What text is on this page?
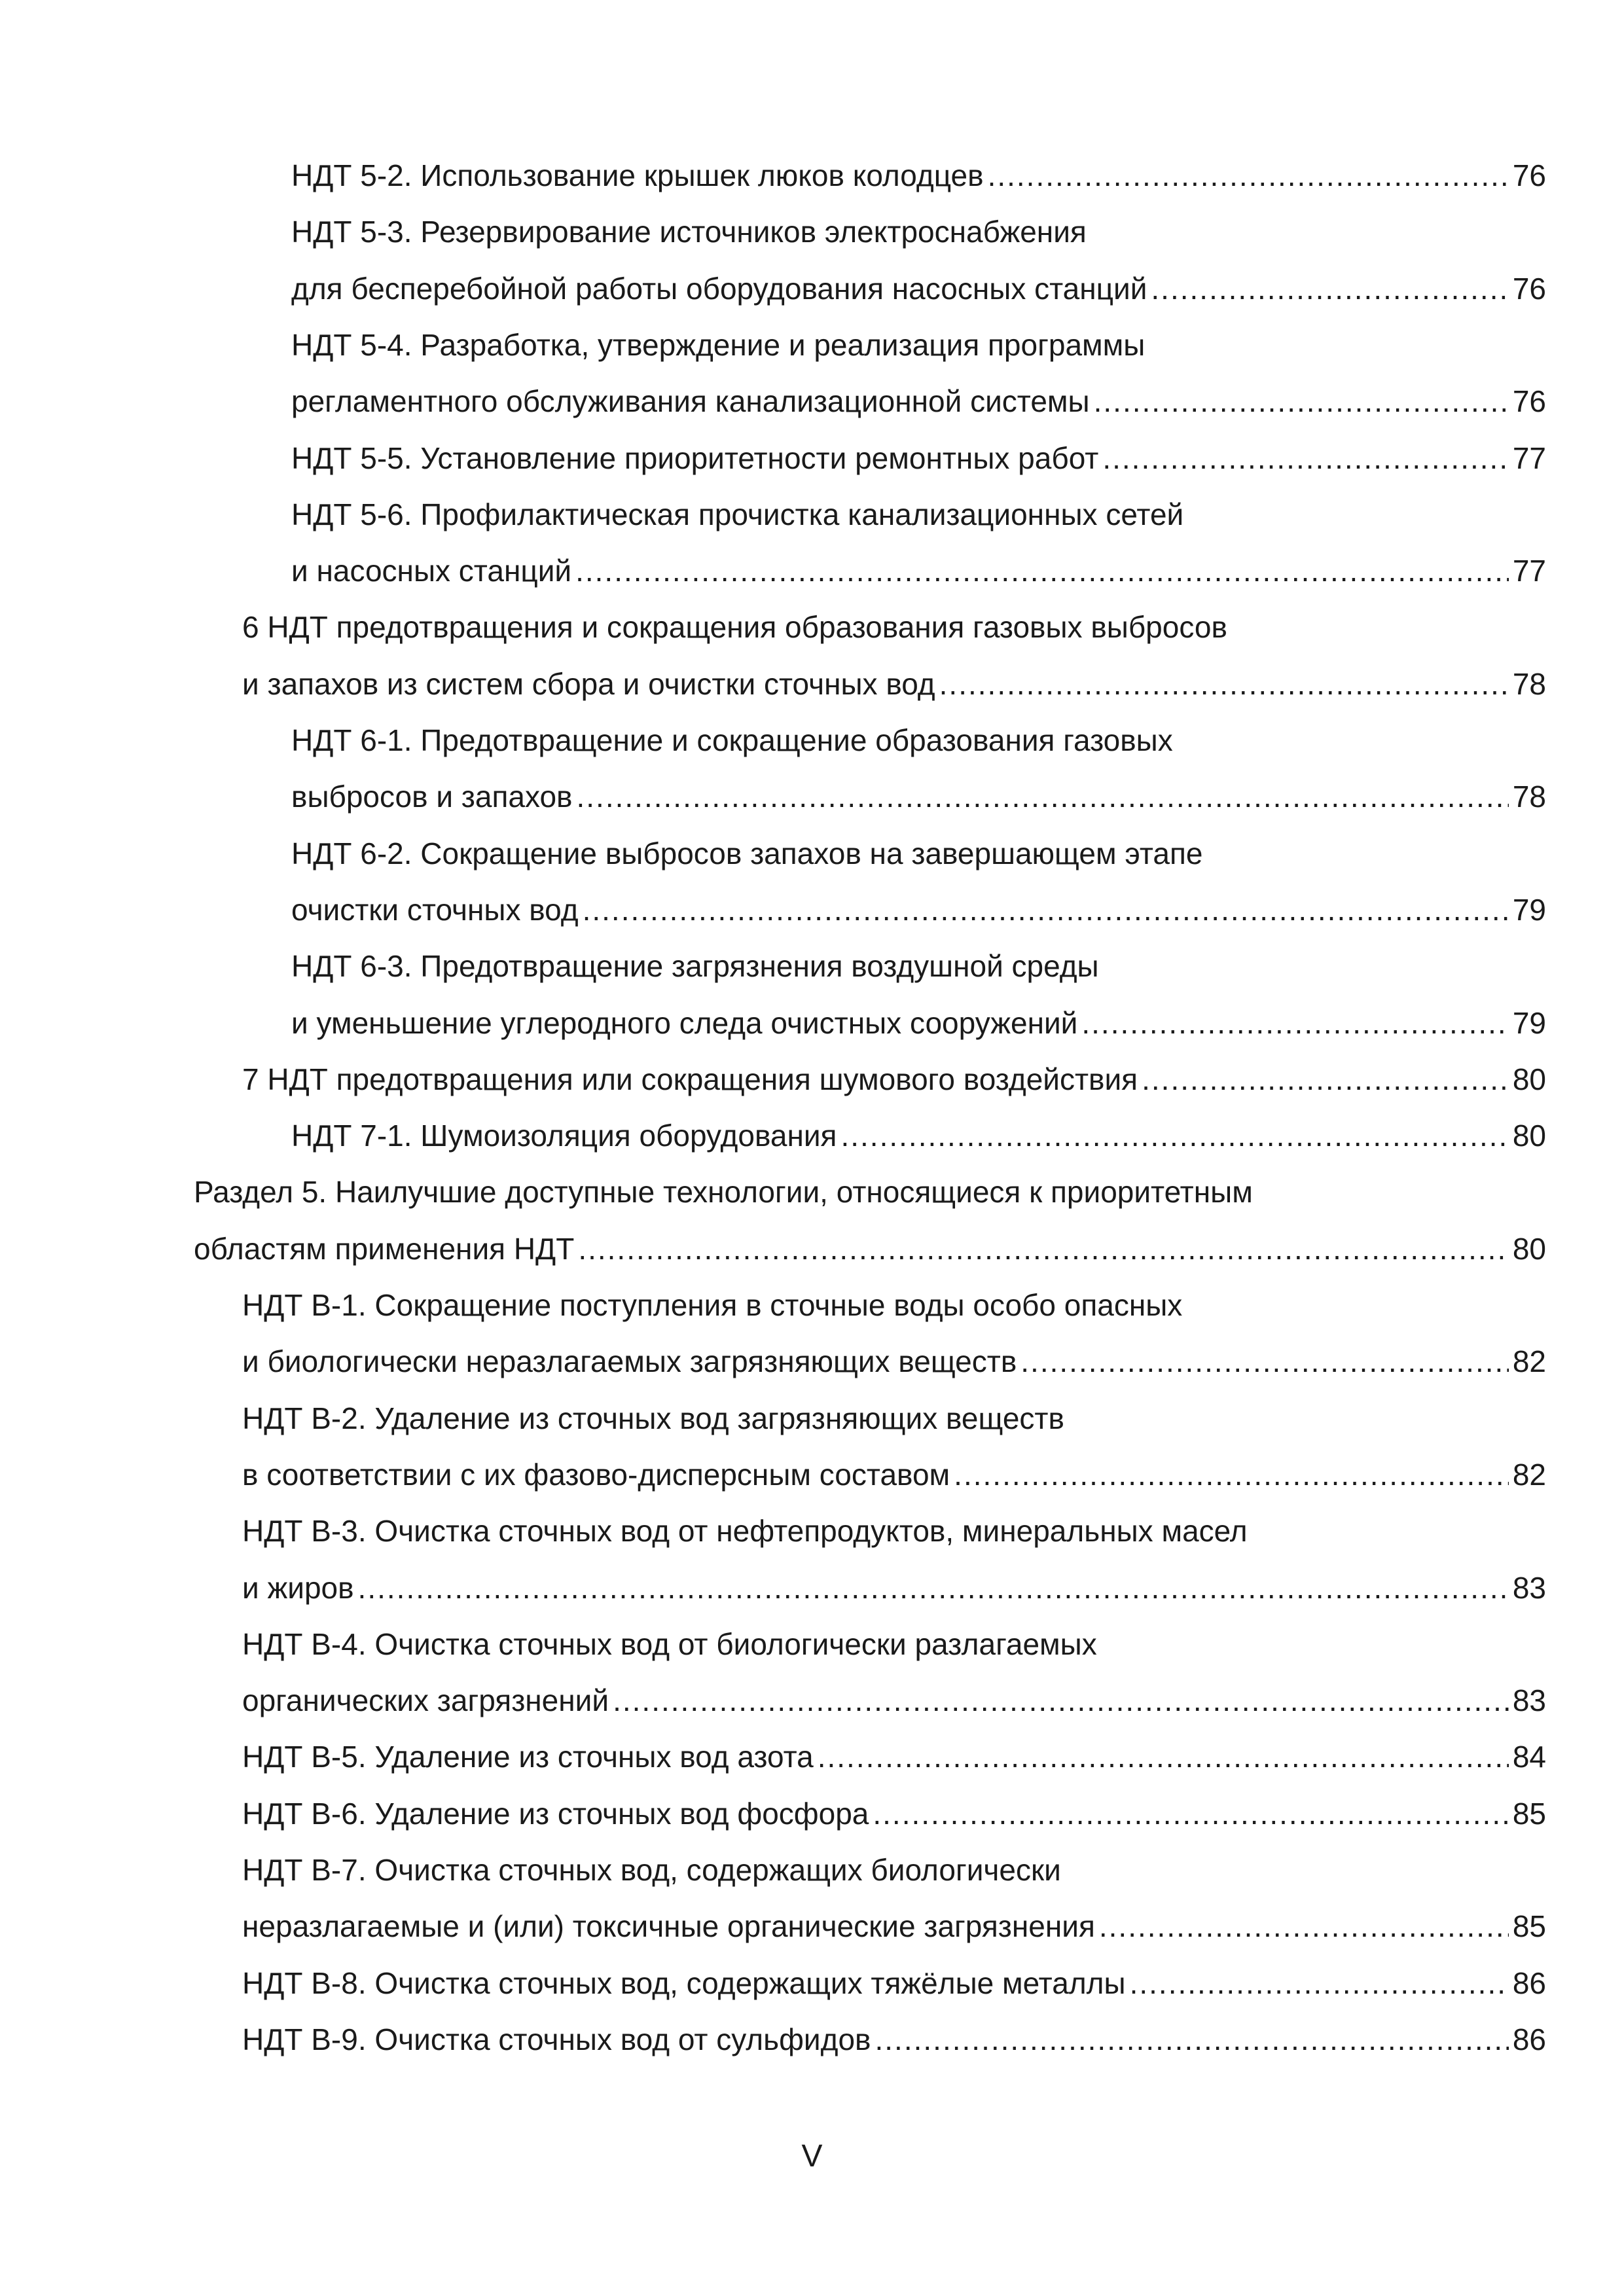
НДТ 5-2. Использование крышек люков колодцев .....	76
НДТ 5-3. Резервирование источников электроснабжения
для бесперебойной работы оборудования насосных станций .....	76
НДТ 5-4. Разработка, утверждение и реализация программы
регламентного обслуживания канализационной системы .....	76
НДТ 5-5. Установление приоритетности ремонтных работ .....	77
НДТ 5-6. Профилактическая прочистка канализационных сетей
и насосных станций .....	77
6 НДТ предотвращения и сокращения образования газовых выбросов
и запахов из систем сбора и очистки сточных вод .....	78
НДТ 6-1. Предотвращение и сокращение образования газовых
выбросов и запахов .....	78
НДТ 6-2. Сокращение выбросов запахов на завершающем этапе
очистки сточных вод .....	79
НДТ 6-3. Предотвращение загрязнения воздушной среды
и уменьшение углеродного следа очистных сооружений .....	79
7 НДТ предотвращения или сокращения шумового воздействия .....	80
НДТ 7-1. Шумоизоляция оборудования .....	80
Раздел 5. Наилучшие доступные технологии, относящиеся к приоритетным
областям применения НДТ .....	80
НДТ В-1. Сокращение поступления в сточные воды особо опасных
и биологически неразлагаемых загрязняющих веществ .....	82
НДТ В-2. Удаление из сточных вод загрязняющих веществ
в соответствии с их фазово-дисперсным составом .....	82
НДТ В-3. Очистка сточных вод от нефтепродуктов, минеральных масел
и жиров .....	83
НДТ В-4. Очистка сточных вод от биологически разлагаемых
органических загрязнений .....	83
НДТ В-5. Удаление из сточных вод азота .....	84
НДТ В-6. Удаление из сточных вод фосфора .....	85
НДТ В-7. Очистка сточных вод, содержащих биологически
неразлагаемые и (или) токсичные органические загрязнения .....	85
НДТ В-8. Очистка сточных вод, содержащих тяжёлые металлы .....	86
НДТ В-9. Очистка сточных вод от сульфидов .....	86
V
